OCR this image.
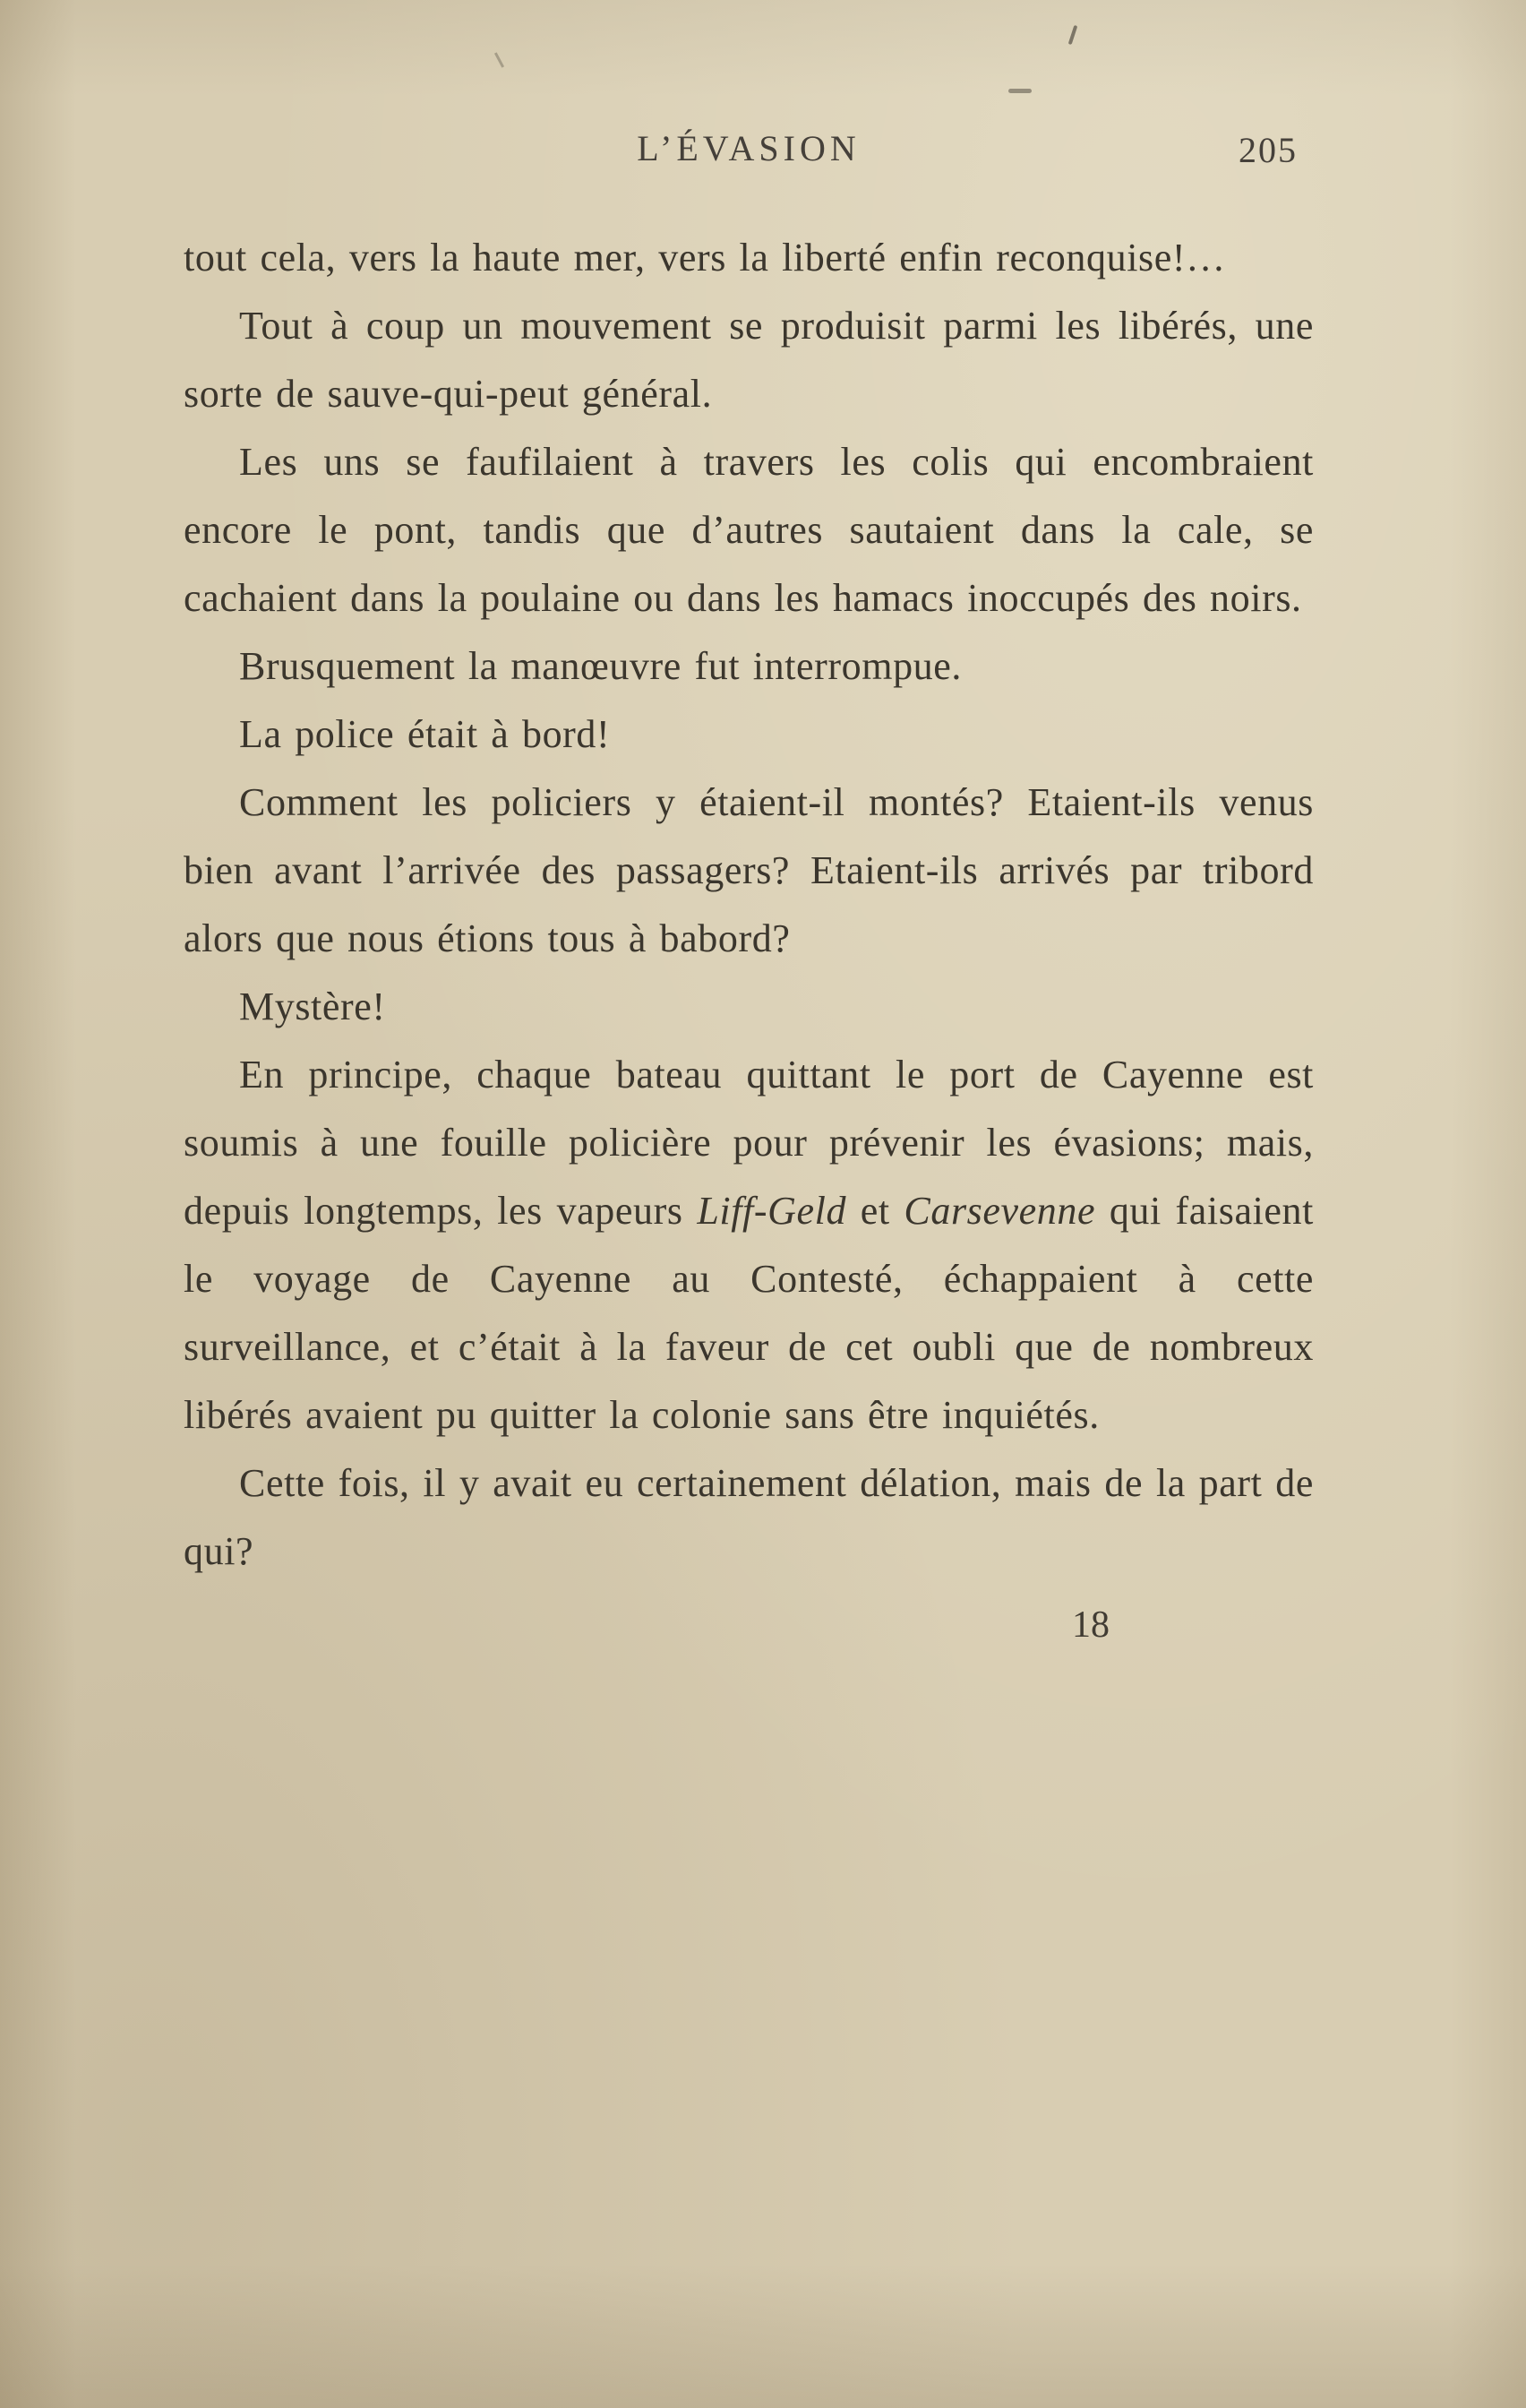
L’ÉVASION	205

tout cela, vers la haute mer, vers la liberté enfin reconquise!…

Tout à coup un mouvement se produisit parmi les libérés, une sorte de sauve-qui-peut général.

Les uns se faufilaient à travers les colis qui encombraient encore le pont, tandis que d’autres sautaient dans la cale, se cachaient dans la poulaine ou dans les hamacs inoccupés des noirs.

Brusquement la manœuvre fut interrompue.

La police était à bord!

Comment les policiers y étaient-il montés? Etaient-ils venus bien avant l’arrivée des passagers? Etaient-ils arrivés par tribord alors que nous étions tous à babord?

Mystère!

En principe, chaque bateau quittant le port de Cayenne est soumis à une fouille policière pour prévenir les évasions; mais, depuis longtemps, les vapeurs Liff-Geld et Carsevenne qui faisaient le voyage de Cayenne au Contesté, échappaient à cette surveillance, et c’était à la faveur de cet oubli que de nombreux libérés avaient pu quitter la colonie sans être inquiétés.

Cette fois, il y avait eu certainement délation, mais de la part de qui?

18
